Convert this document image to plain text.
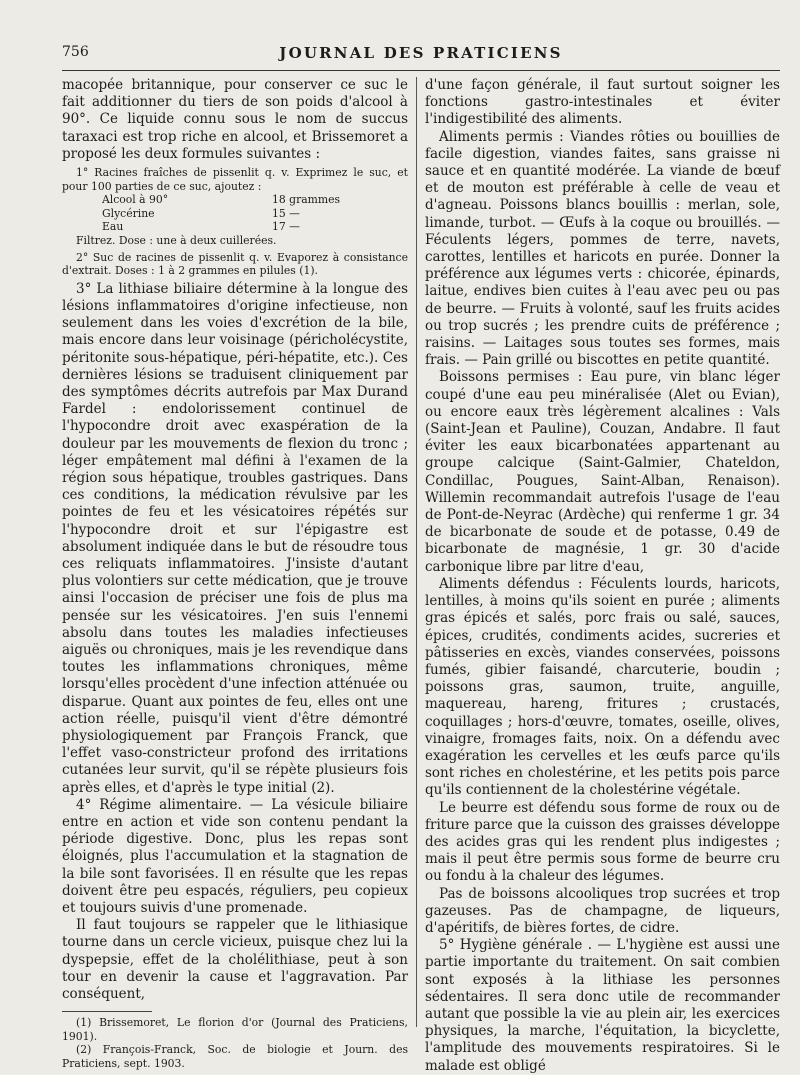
756	JOURNAL DES PRATICIENS

macopée britannique, pour conserver ce suc le fait additionner du tiers de son poids d'alcool à 90°. Ce liquide connu sous le nom de succus taraxaci est trop riche en alcool, et Brissemoret a proposé les deux formules suivantes :

1° Racines fraîches de pissenlit q. v. Exprimez le suc, et pour 100 parties de ce suc, ajoutez :

Alcool à 90°	18 grammes
Glycérine	15 —
Eau	17 —

Filtrez. Dose : une à deux cuillerées.

2° Suc de racines de pissenlit q. v. Evaporez à consistance d'extrait. Doses : 1 à 2 grammes en pilules (1).

3° La lithiase biliaire détermine à la longue des lésions inflammatoires d'origine infectieuse, non seulement dans les voies d'excrétion de la bile, mais encore dans leur voisinage (péricholécystite, péritonite sous-hépatique, péri-hépatite, etc.). Ces dernières lésions se traduisent cliniquement par des symptômes décrits autrefois par Max Durand Fardel : endolorissement continuel de l'hypocondre droit avec exaspération de la douleur par les mouvements de flexion du tronc ; léger empâtement mal défini à l'examen de la région sous hépatique, troubles gastriques. Dans ces conditions, la médication révulsive par les pointes de feu et les vésicatoires répétés sur l'hypocondre droit et sur l'épigastre est absolument indiquée dans le but de résoudre tous ces reliquats inflammatoires. J'insiste d'autant plus volontiers sur cette médication, que je trouve ainsi l'occasion de préciser une fois de plus ma pensée sur les vésicatoires. J'en suis l'ennemi absolu dans toutes les maladies infectieuses aiguës ou chroniques, mais je les revendique dans toutes les inflammations chroniques, même lorsqu'elles procèdent d'une infection atténuée ou disparue. Quant aux pointes de feu, elles ont une action réelle, puisqu'il vient d'être démontré physiologiquement par François Franck, que l'effet vaso-constricteur profond des irritations cutanées leur survit, qu'il se répète plusieurs fois après elles, et d'après le type initial (2).

4° Régime alimentaire. — La vésicule biliaire entre en action et vide son contenu pendant la période digestive. Donc, plus les repas sont éloignés, plus l'accumulation et la stagnation de la bile sont favorisées. Il en résulte que les repas doivent être peu espacés, réguliers, peu copieux et toujours suivis d'une promenade.

Il faut toujours se rappeler que le lithiasique tourne dans un cercle vicieux, puisque chez lui la dyspepsie, effet de la cholélithiase, peut à son tour en devenir la cause et l'aggravation. Par conséquent,

(1) Brissemoret, Le florion d'or (Journal des Praticiens, 1901).

(2) François-Franck, Soc. de biologie et Journ. des Praticiens, sept. 1903.

d'une façon générale, il faut surtout soigner les fonctions gastro-intestinales et éviter l'indigestibilité des aliments.

Aliments permis : Viandes rôties ou bouillies de facile digestion, viandes faites, sans graisse ni sauce et en quantité modérée. La viande de bœuf et de mouton est préférable à celle de veau et d'agneau. Poissons blancs bouillis : merlan, sole, limande, turbot. — Œufs à la coque ou brouillés. — Féculents légers, pommes de terre, navets, carottes, lentilles et haricots en purée. Donner la préférence aux légumes verts : chicorée, épinards, laitue, endives bien cuites à l'eau avec peu ou pas de beurre. — Fruits à volonté, sauf les fruits acides ou trop sucrés ; les prendre cuits de préférence ; raisins. — Laitages sous toutes ses formes, mais frais. — Pain grillé ou biscottes en petite quantité.

Boissons permises : Eau pure, vin blanc léger coupé d'une eau peu minéralisée (Alet ou Evian), ou encore eaux très légèrement alcalines : Vals (Saint-Jean et Pauline), Couzan, Andabre. Il faut éviter les eaux bicarbonatées appartenant au groupe calcique (Saint-Galmier, Chateldon, Condillac, Pougues, Saint-Alban, Renaison). Willemin recommandait autrefois l'usage de l'eau de Pont-de-Neyrac (Ardèche) qui renferme 1 gr. 34 de bicarbonate de soude et de potasse, 0.49 de bicarbonate de magnésie, 1 gr. 30 d'acide carbonique libre par litre d'eau,

Aliments défendus : Féculents lourds, haricots, lentilles, à moins qu'ils soient en purée ; aliments gras épicés et salés, porc frais ou salé, sauces, épices, crudités, condiments acides, sucreries et pâtisseries en excès, viandes conservées, poissons fumés, gibier faisandé, charcuterie, boudin ; poissons gras, saumon, truite, anguille, maquereau, hareng, fritures ; crustacés, coquillages ; hors-d'œuvre, tomates, oseille, olives, vinaigre, fromages faits, noix. On a défendu avec exagération les cervelles et les œufs parce qu'ils sont riches en cholestérine, et les petits pois parce qu'ils contiennent de la cholestérine végétale.

Le beurre est défendu sous forme de roux ou de friture parce que la cuisson des graisses développe des acides gras qui les rendent plus indigestes ; mais il peut être permis sous forme de beurre cru ou fondu à la chaleur des légumes.

Pas de boissons alcooliques trop sucrées et trop gazeuses. Pas de champagne, de liqueurs, d'apéritifs, de bières fortes, de cidre.

5° Hygiène générale . — L'hygiène est aussi une partie importante du traitement. On sait combien sont exposés à la lithiase les personnes sédentaires. Il sera donc utile de recommander autant que possible la vie au plein air, les exercices physiques, la marche, l'équitation, la bicyclette, l'amplitude des mouvements respiratoires. Si le malade est obligé
